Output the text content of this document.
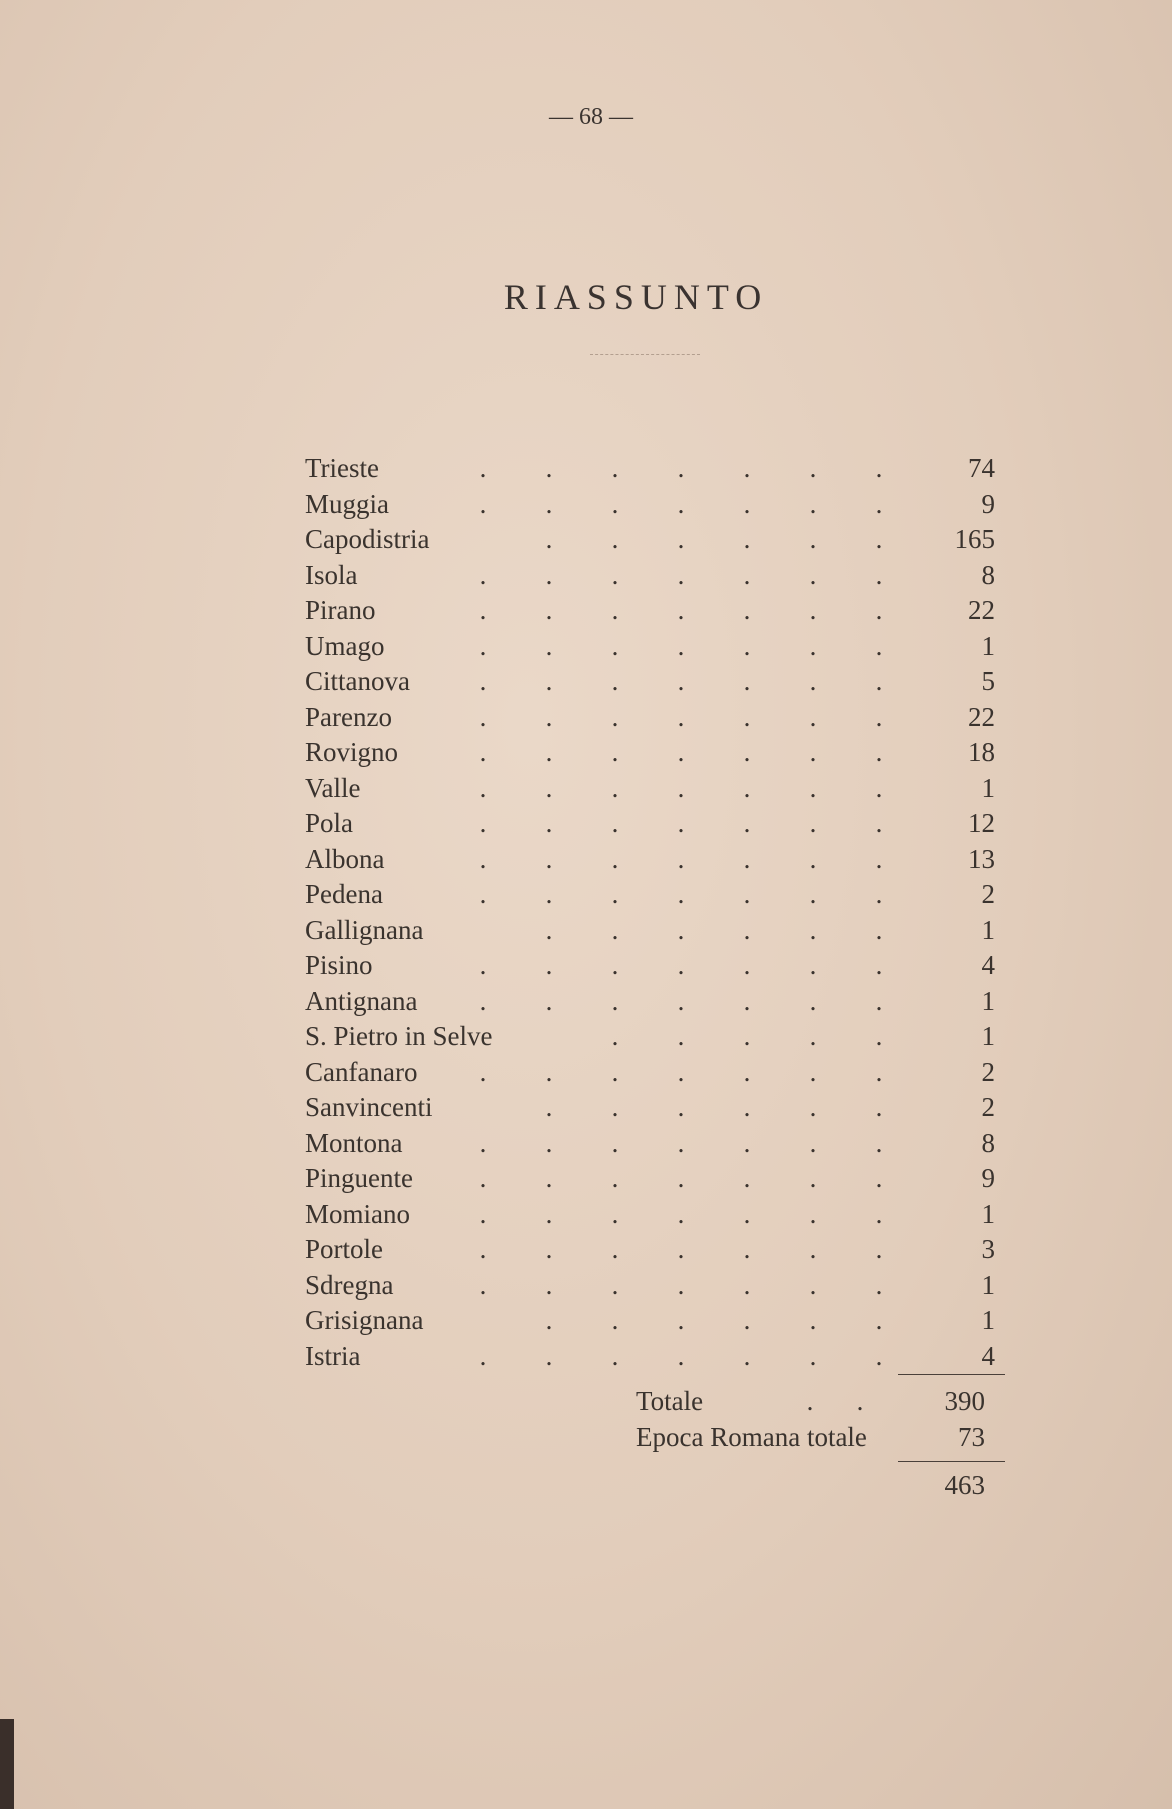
— 68 —
RIASSUNTO
Trieste	. . . . . . .	74
Muggia	. . . . . . .	9
Capodistria	. . . . . .	165
Isola	. . . . . . .	8
Pirano	. . . . . . .	22
Umago	. . . . . . .	1
Cittanova	. . . . . . .	5
Parenzo	. . . . . . .	22
Rovigno	. . . . . . .	18
Valle	. . . . . . .	1
Pola	. . . . . . .	12
Albona	. . . . . . .	13
Pedena	. . . . . . .	2
Gallignana	. . . . . .	1
Pisino	. . . . . . .	4
Antignana	. . . . . . .	1
S. Pietro in Selve	. . . . .	1
Canfanaro	. . . . . . .	2
Sanvincenti	. . . . . .	2
Montona	. . . . . . .	8
Pinguente	. . . . . . .	9
Momiano	. . . . . . .	1
Portole	. . . . . . .	3
Sdregna	. . . . . . .	1
Grisignana	. . . . . .	1
Istria	. . . . . . .	4
Totale	. .	390
Epoca Romana totale	73
463
